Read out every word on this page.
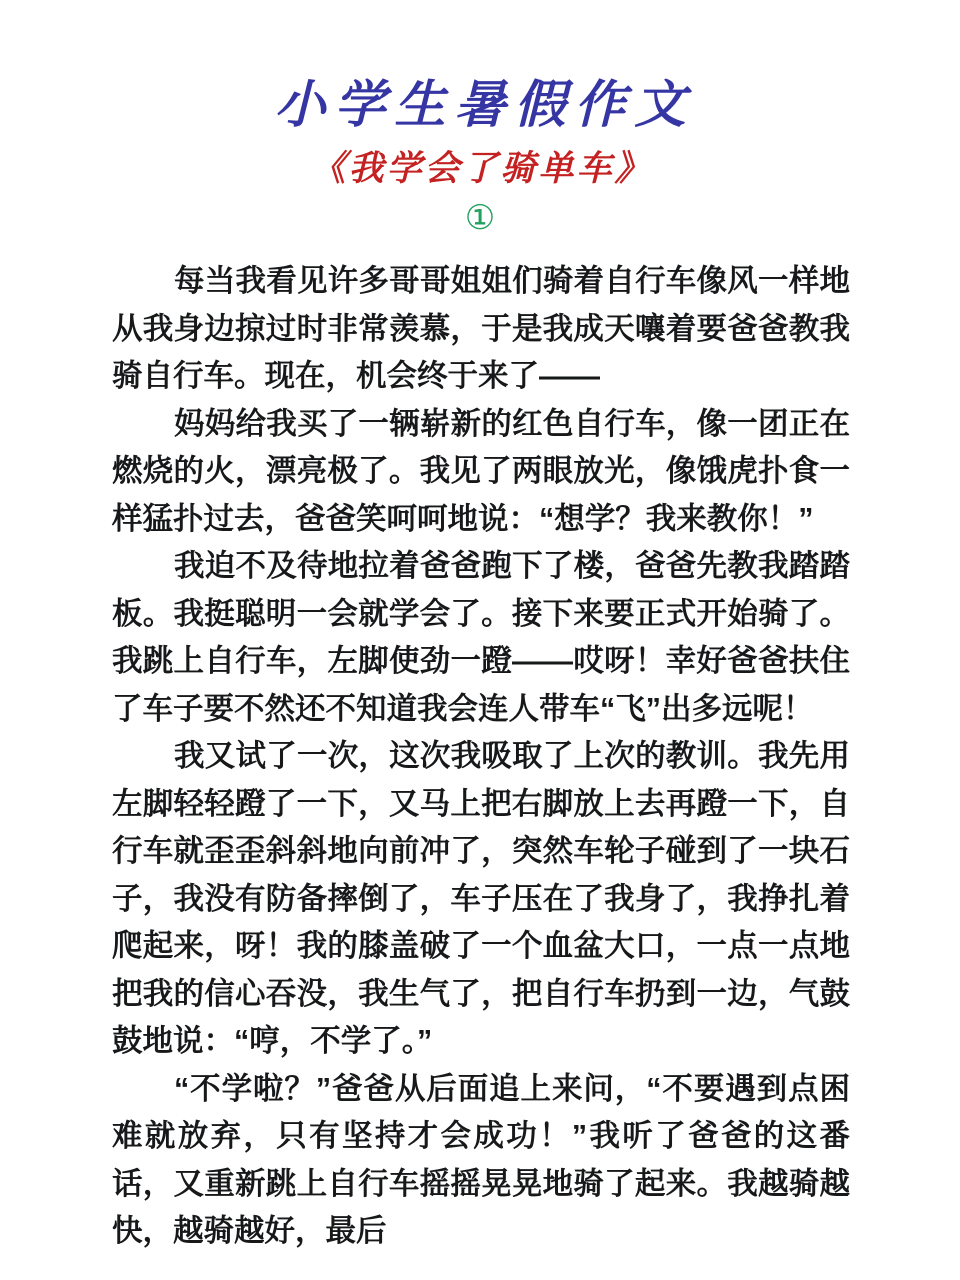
小学生暑假作文
《我学会了骑单车》
①

每当我看见许多哥哥姐姐们骑着自行车像风一样地从我身边掠过时非常羡慕，于是我成天嚷着要爸爸教我骑自行车。现在，机会终于来了——

妈妈给我买了一辆崭新的红色自行车，像一团正在燃烧的火，漂亮极了。我见了两眼放光，像饿虎扑食一样猛扑过去，爸爸笑呵呵地说：“想学？我来教你！”

我迫不及待地拉着爸爸跑下了楼，爸爸先教我踏踏板。我挺聪明一会就学会了。接下来要正式开始骑了。我跳上自行车，左脚使劲一蹬——哎呀！幸好爸爸扶住了车子要不然还不知道我会连人带车“飞”出多远呢！

我又试了一次，这次我吸取了上次的教训。我先用左脚轻轻蹬了一下，又马上把右脚放上去再蹬一下，自行车就歪歪斜斜地向前冲了，突然车轮子碰到了一块石子，我没有防备摔倒了，车子压在了我身了，我挣扎着爬起来，呀！我的膝盖破了一个血盆大口，一点一点地把我的信心吞没，我生气了，把自行车扔到一边，气鼓鼓地说：“哼，不学了。”

“不学啦？”爸爸从后面追上来问，“不要遇到点困难就放弃，只有坚持才会成功！”我听了爸爸的这番话，又重新跳上自行车摇摇晃晃地骑了起来。我越骑越快，越骑越好，最后
